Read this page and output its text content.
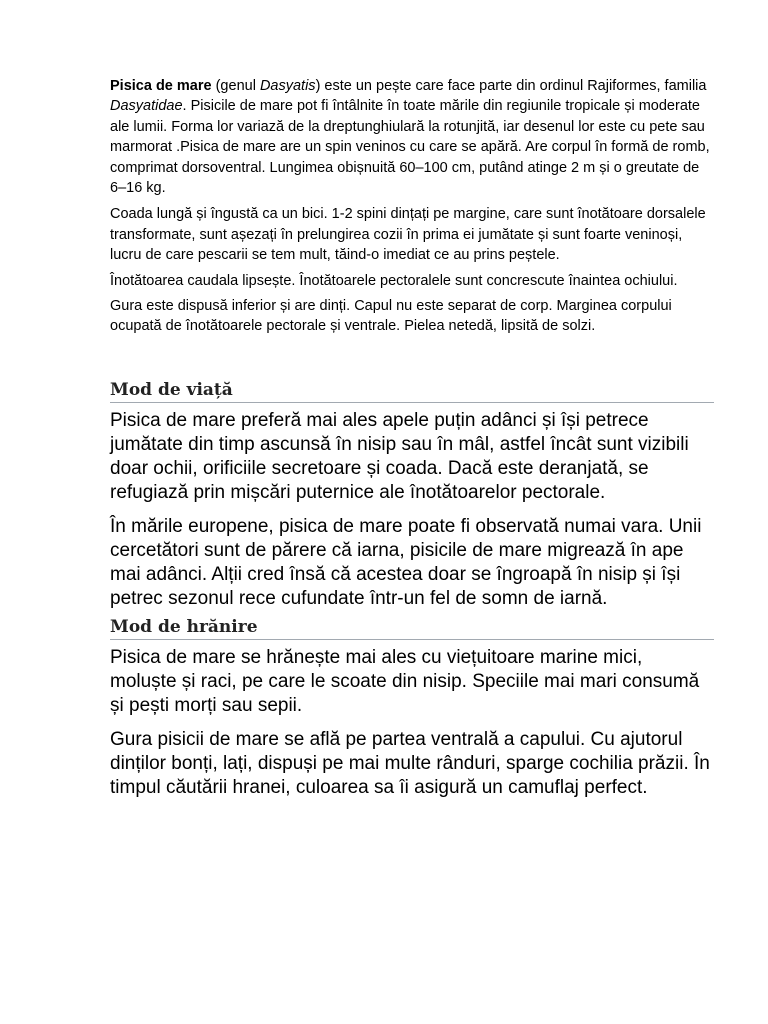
Pisica de mare (genul Dasyatis) este un pește care face parte din ordinul Rajiformes, familia Dasyatidae. Pisicile de mare pot fi întâlnite în toate mările din regiunile tropicale și moderate ale lumii. Forma lor variază de la dreptunghiulară la rotunjită, iar desenul lor este cu pete sau marmorat .Pisica de mare are un spin veninos cu care se apără. Are corpul în formă de romb, comprimat dorsoventral. Lungimea obișnuită 60–100 cm, putând atinge 2 m și o greutate de 6–16 kg.

Coada lungă și îngustă ca un bici. 1-2 spini dințați pe margine, care sunt înotătoare dorsalele transformate, sunt așezați în prelungirea cozii în prima ei jumătate și sunt foarte veninoși, lucru de care pescarii se tem mult, tăind-o imediat ce au prins peștele.

Înotătoarea caudala lipsește. Înotătoarele pectoralele sunt concrescute înaintea ochiului.

Gura este dispusă inferior și are dinți. Capul nu este separat de corp. Marginea corpului ocupată de înotătoarele pectorale și ventrale. Pielea netedă, lipsită de solzi.

Mod de viață

Pisica de mare preferă mai ales apele puțin adânci și își petrece jumătate din timp ascunsă în nisip sau în mâl, astfel încât sunt vizibili doar ochii, orificiile secretoare și coada. Dacă este deranjată, se refugiază prin mișcări puternice ale înotătoarelor pectorale.

În mările europene, pisica de mare poate fi observată numai vara. Unii cercetători sunt de părere că iarna, pisicile de mare migrează în ape mai adânci. Alții cred însă că acestea doar se îngroapă în nisip și își petrec sezonul rece cufundate într-un fel de somn de iarnă.

Mod de hrănire

Pisica de mare se hrănește mai ales cu viețuitoare marine mici, moluște și raci, pe care le scoate din nisip. Speciile mai mari consumă și pești morți sau sepii.

Gura pisicii de mare se află pe partea ventrală a capului. Cu ajutorul dinților bonți, lați, dispuși pe mai multe rânduri, sparge cochilia prăzii. În timpul căutării hranei, culoarea sa îi asigură un camuflaj perfect.
